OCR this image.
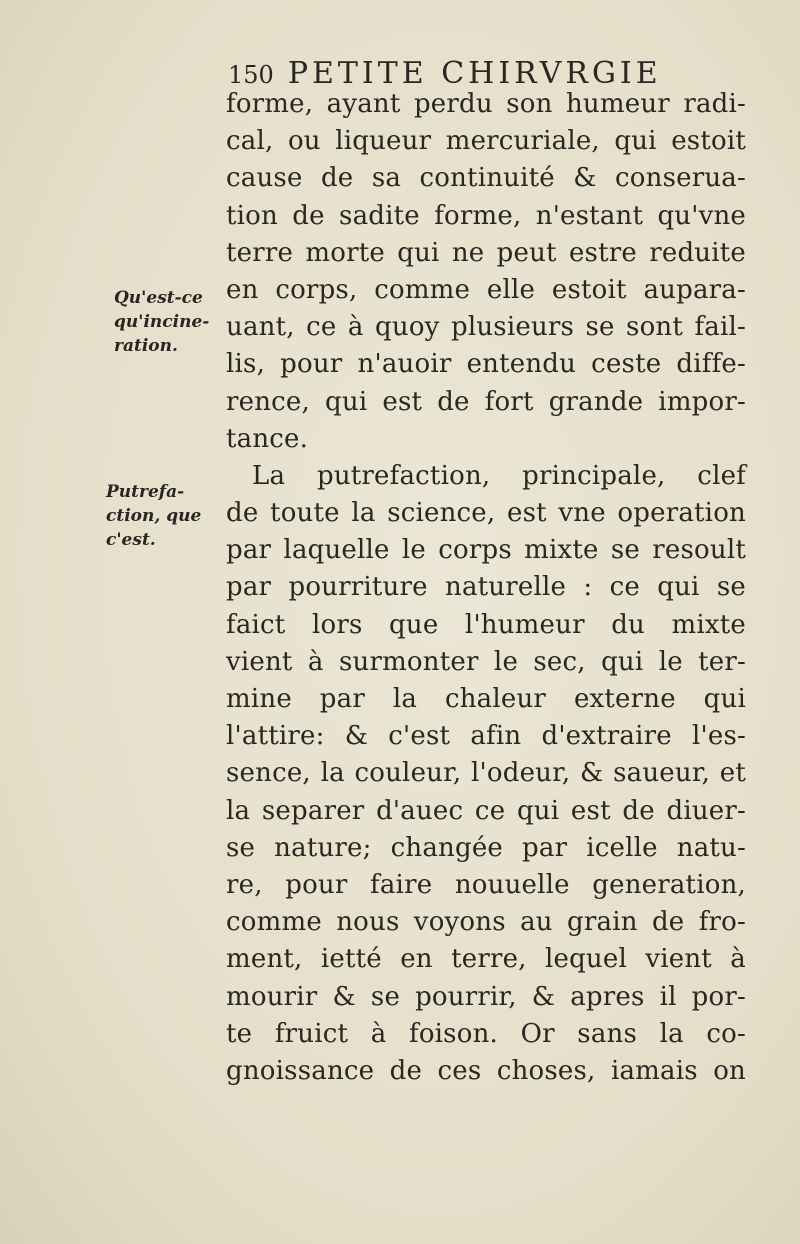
150 PETITE CHIRVRGIE
Qu'est-ce
qu'incine-
ration.
Putrefa-
ction, que
c'est.
forme, ayant perdu son humeur radi-
cal, ou liqueur mercuriale, qui estoit
cause de sa continuité & conserua-
tion de sadite forme, n'estant qu'vne
terre morte qui ne peut estre reduite
en corps, comme elle estoit aupara-
uant, ce à quoy plusieurs se sont fail-
lis, pour n'auoir entendu ceste diffe-
rence, qui est de fort grande impor-
tance.
La putrefaction, principale, clef
de toute la science, est vne operation
par laquelle le corps mixte se resoult
par pourriture naturelle : ce qui se
faict lors que l'humeur du mixte
vient à surmonter le sec, qui le ter-
mine par la chaleur externe qui
l'attire: & c'est afin d'extraire l'es-
sence, la couleur, l'odeur, & saueur, et
la separer d'auec ce qui est de diuer-
se nature; changée par icelle natu-
re, pour faire nouuelle generation,
comme nous voyons au grain de fro-
ment, ietté en terre, lequel vient à
mourir & se pourrir, & apres il por-
te fruict à foison. Or sans la co-
gnoissance de ces choses, iamais on
